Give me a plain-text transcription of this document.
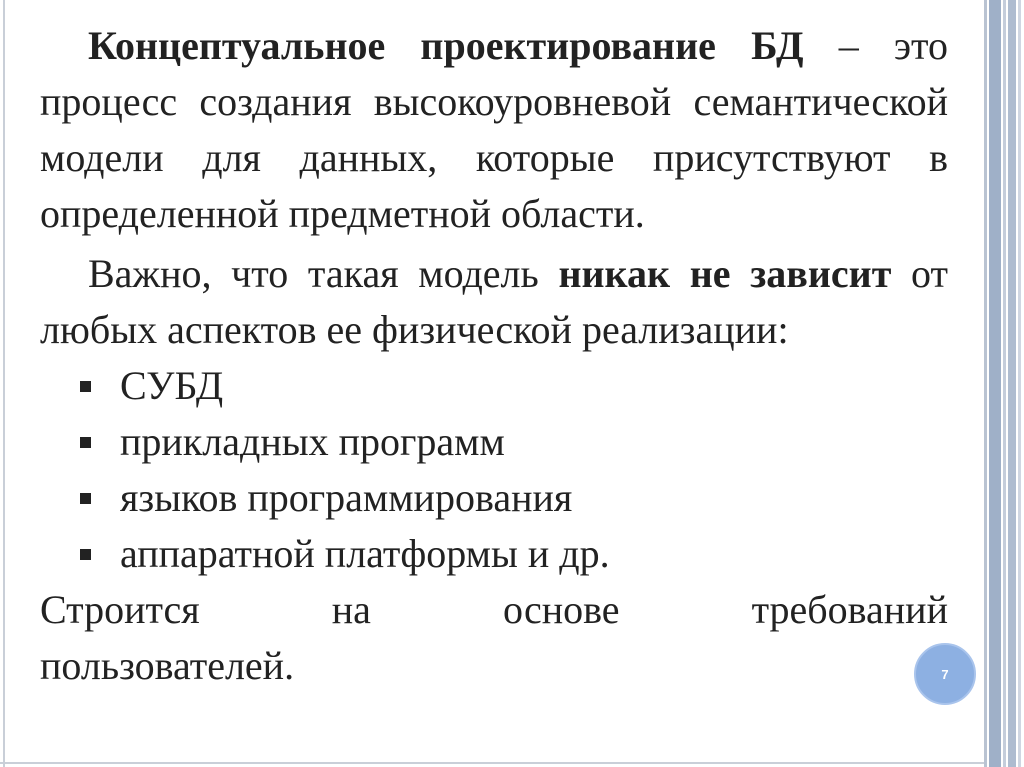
Концептуальное проектирование БД – это процесс создания высокоуровневой семантической модели для данных, которые присутствуют в определенной предметной области.

Важно, что такая модель никак не зависит от любых аспектов ее физической реализации:

СУБД
прикладных программ
языков программирования
аппаратной платформы и др.
Строится	на	основе	требований
пользователей.	7
